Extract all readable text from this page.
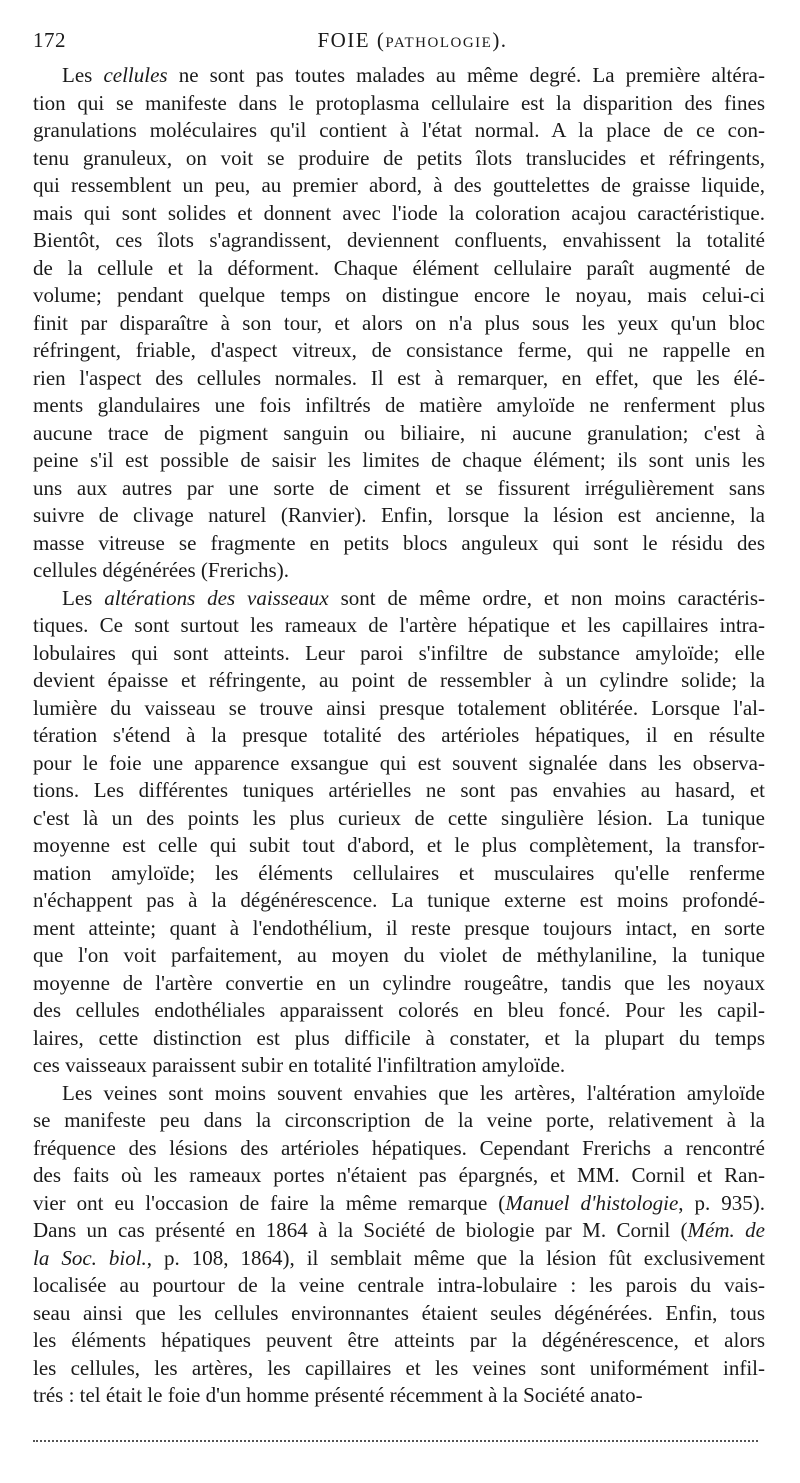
172	FOIE (PATHOLOGIE).
Les cellules ne sont pas toutes malades au même degré. La première altéra-
tion qui se manifeste dans le protoplasma cellulaire est la disparition des fines
granulations moléculaires qu'il contient à l'état normal. A la place de ce con-
tenu granuleux, on voit se produire de petits îlots translucides et réfringents,
qui ressemblent un peu, au premier abord, à des gouttelettes de graisse liquide,
mais qui sont solides et donnent avec l'iode la coloration acajou caractéristique.
Bientôt, ces îlots s'agrandissent, deviennent confluents, envahissent la totalité
de la cellule et la déforment. Chaque élément cellulaire paraît augmenté de
volume; pendant quelque temps on distingue encore le noyau, mais celui-ci
finit par disparaître à son tour, et alors on n'a plus sous les yeux qu'un bloc
réfringent, friable, d'aspect vitreux, de consistance ferme, qui ne rappelle en
rien l'aspect des cellules normales. Il est à remarquer, en effet, que les élé-
ments glandulaires une fois infiltrés de matière amyloïde ne renferment plus
aucune trace de pigment sanguin ou biliaire, ni aucune granulation; c'est à
peine s'il est possible de saisir les limites de chaque élément; ils sont unis les
uns aux autres par une sorte de ciment et se fissurent irrégulièrement sans
suivre de clivage naturel (Ranvier). Enfin, lorsque la lésion est ancienne, la
masse vitreuse se fragmente en petits blocs anguleux qui sont le résidu des
cellules dégénérées (Frerichs).
Les altérations des vaisseaux sont de même ordre, et non moins caractéris-
tiques. Ce sont surtout les rameaux de l'artère hépatique et les capillaires intra-
lobulaires qui sont atteints. Leur paroi s'infiltre de substance amyloïde; elle
devient épaisse et réfringente, au point de ressembler à un cylindre solide; la
lumière du vaisseau se trouve ainsi presque totalement oblitérée. Lorsque l'al-
tération s'étend à la presque totalité des artérioles hépatiques, il en résulte
pour le foie une apparence exsangue qui est souvent signalée dans les observa-
tions. Les différentes tuniques artérielles ne sont pas envahies au hasard, et
c'est là un des points les plus curieux de cette singulière lésion. La tunique
moyenne est celle qui subit tout d'abord, et le plus complètement, la transfor-
mation amyloïde; les éléments cellulaires et musculaires qu'elle renferme
n'échappent pas à la dégénérescence. La tunique externe est moins profondé-
ment atteinte; quant à l'endothélium, il reste presque toujours intact, en sorte
que l'on voit parfaitement, au moyen du violet de méthylaniline, la tunique
moyenne de l'artère convertie en un cylindre rougeâtre, tandis que les noyaux
des cellules endothéliales apparaissent colorés en bleu foncé. Pour les capil-
laires, cette distinction est plus difficile à constater, et la plupart du temps
ces vaisseaux paraissent subir en totalité l'infiltration amyloïde.
Les veines sont moins souvent envahies que les artères, l'altération amyloïde
se manifeste peu dans la circonscription de la veine porte, relativement à la
fréquence des lésions des artérioles hépatiques. Cependant Frerichs a rencontré
des faits où les rameaux portes n'étaient pas épargnés, et MM. Cornil et Ran-
vier ont eu l'occasion de faire la même remarque (Manuel d'histologie, p. 935).
Dans un cas présenté en 1864 à la Société de biologie par M. Cornil (Mém. de
la Soc. biol., p. 108, 1864), il semblait même que la lésion fût exclusivement
localisée au pourtour de la veine centrale intra-lobulaire : les parois du vais-
seau ainsi que les cellules environnantes étaient seules dégénérées. Enfin, tous
les éléments hépatiques peuvent être atteints par la dégénérescence, et alors
les cellules, les artères, les capillaires et les veines sont uniformément infil-
trés : tel était le foie d'un homme présenté récemment à la Société anato-
